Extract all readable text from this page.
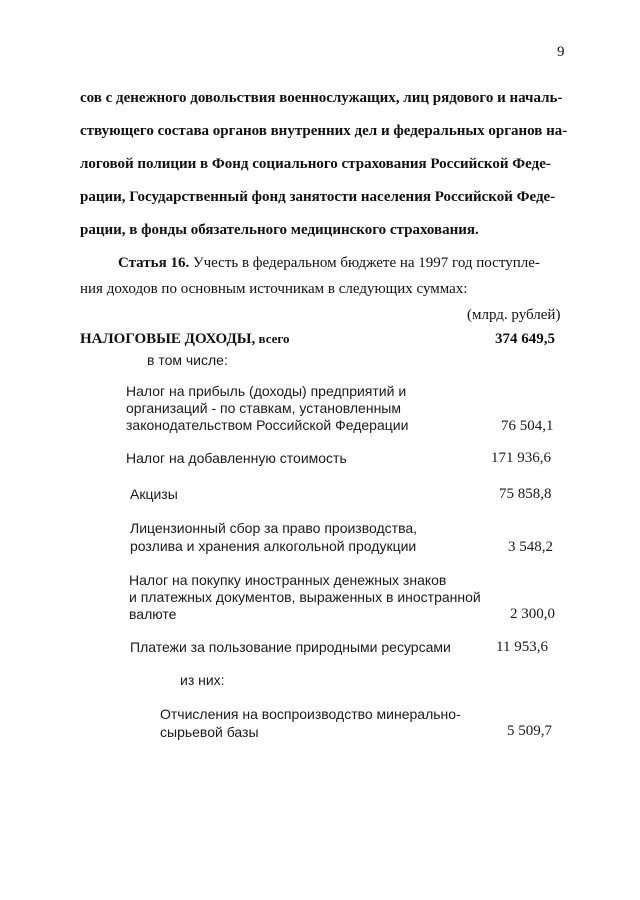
9
сов с денежного довольствия военнослужащих, лиц рядового и началь-
ствующего состава органов внутренних дел и федеральных органов на-
логовой полиции в Фонд социального страхования Российской Феде-
рации, Государственный фонд занятости населения Российской Феде-
рации, в фонды обязательного медицинского страхования.
Статья 16. Учесть в федеральном бюджете на 1997 год поступле-
ния доходов по основным источникам в следующих суммах:
(млрд. рублей)
НАЛОГОВЫЕ ДОХОДЫ, всего	374 649,5
в том числе:
Налог на прибыль (доходы) предприятий и
организаций - по ставкам, установленным
законодательством Российской Федерации	76 504,1
Налог на добавленную стоимость	171 936,6
Акцизы	75 858,8
Лицензионный сбор за право производства,
розлива и хранения алкогольной продукции	3 548,2
Налог на покупку иностранных денежных знаков
и платежных документов, выраженных в иностранной
валюте	2 300,0
Платежи за пользование природными ресурсами	11 953,6
из них:
Отчисления на воспроизводство минерально-
сырьевой базы	5 509,7
